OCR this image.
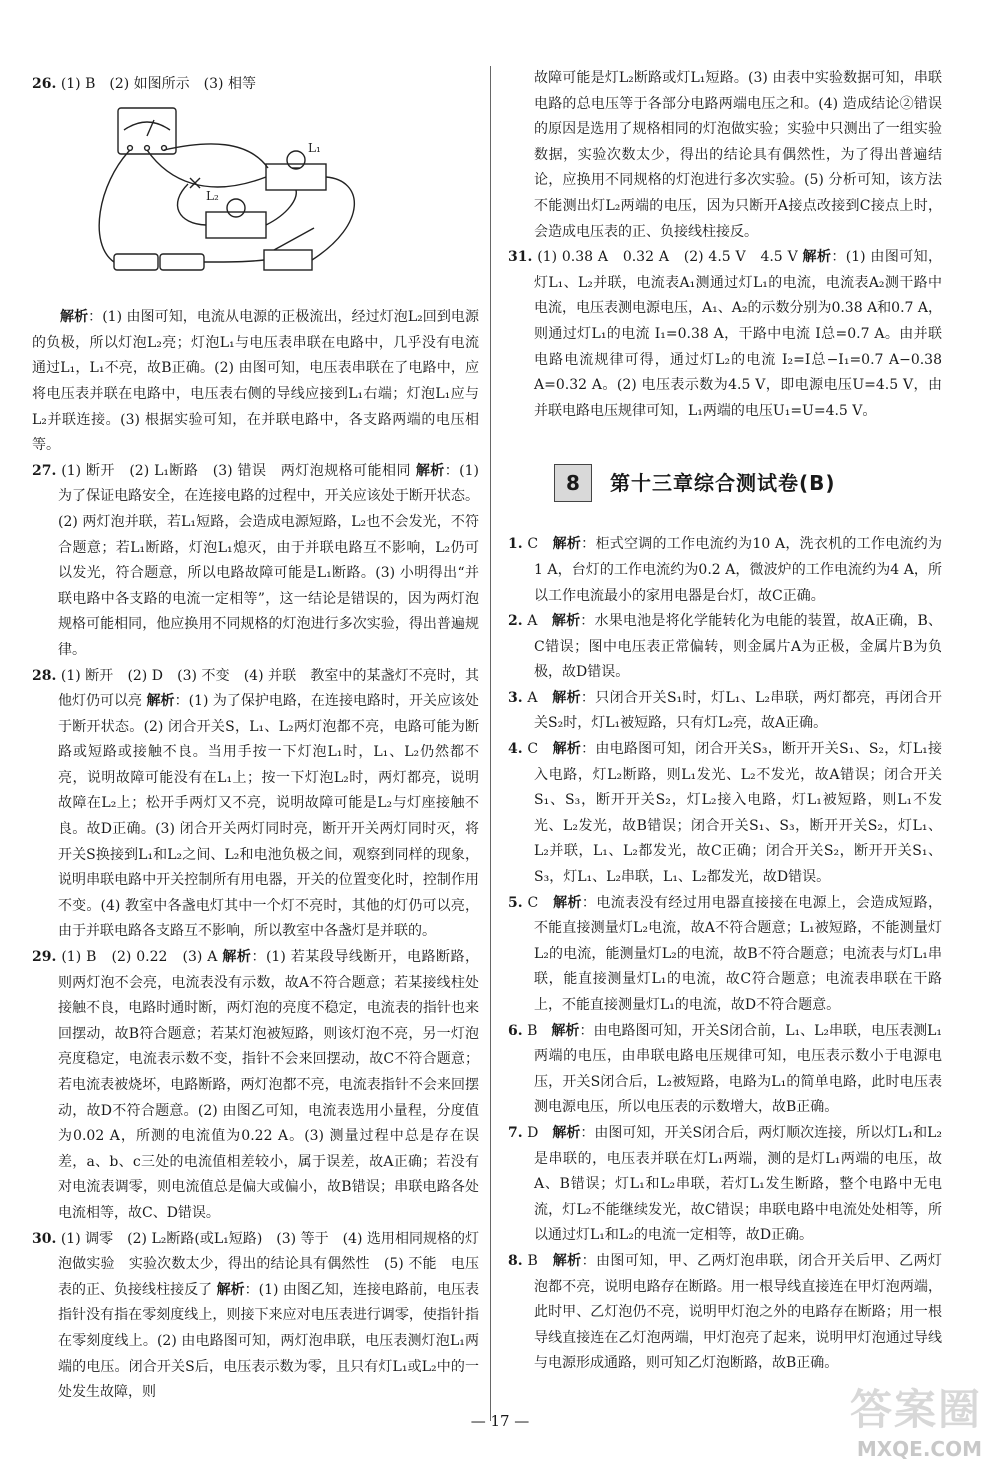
26. (1) B　(2) 如图所示　(3) 相等

L₁
L₂

解析：(1) 由图可知，电流从电源的正极流出，经过灯泡L₂回到电源的负极，所以灯泡L₂亮；灯泡L₁与电压表串联在电路中，几乎没有电流通过L₁，L₁不亮，故B正确。(2) 由图可知，电压表串联在了电路中，应将电压表并联在电路中，电压表右侧的导线应接到L₁右端；灯泡L₁应与L₂并联连接。(3) 根据实验可知，在并联电路中，各支路两端的电压相等。

27. (1) 断开　(2) L₁断路　(3) 错误　两灯泡规格可能相同 解析：(1) 为了保证电路安全，在连接电路的过程中，开关应该处于断开状态。(2) 两灯泡并联，若L₁短路，会造成电源短路，L₂也不会发光，不符合题意；若L₁断路，灯泡L₁熄灭，由于并联电路互不影响，L₂仍可以发光，符合题意，所以电路故障可能是L₁断路。(3) 小明得出“并联电路中各支路的电流一定相等”，这一结论是错误的，因为两灯泡规格可能相同，他应换用不同规格的灯泡进行多次实验，得出普遍规律。

28. (1) 断开　(2) D　(3) 不变　(4) 并联　教室中的某盏灯不亮时，其他灯仍可以亮 解析：(1) 为了保护电路，在连接电路时，开关应该处于断开状态。(2) 闭合开关S，L₁、L₂两灯泡都不亮，电路可能为断路或短路或接触不良。当用手按一下灯泡L₁时，L₁、L₂仍然都不亮，说明故障可能没有在L₁上；按一下灯泡L₂时，两灯都亮，说明故障在L₂上；松开手两灯又不亮，说明故障可能是L₂与灯座接触不良。故D正确。(3) 闭合开关两灯同时亮，断开开关两灯同时灭，将开关S换接到L₁和L₂之间、L₂和电池负极之间，观察到同样的现象，说明串联电路中开关控制所有用电器，开关的位置变化时，控制作用不变。(4) 教室中各盏电灯其中一个灯不亮时，其他的灯仍可以亮，由于并联电路各支路互不影响，所以教室中各盏灯是并联的。

29. (1) B　(2) 0.22　(3) A 解析：(1) 若某段导线断开，电路断路，则两灯泡不会亮，电流表没有示数，故A不符合题意；若某接线柱处接触不良，电路时通时断，两灯泡的亮度不稳定，电流表的指针也来回摆动，故B符合题意；若某灯泡被短路，则该灯泡不亮，另一灯泡亮度稳定，电流表示数不变，指针不会来回摆动，故C不符合题意；若电流表被烧坏，电路断路，两灯泡都不亮，电流表指针不会来回摆动，故D不符合题意。(2) 由图乙可知，电流表选用小量程，分度值为0.02 A，所测的电流值为0.22 A。(3) 测量过程中总是存在误差，a、b、c三处的电流值相差较小，属于误差，故A正确；若没有对电流表调零，则电流值总是偏大或偏小，故B错误；串联电路各处电流相等，故C、D错误。

30. (1) 调零　(2) L₂断路(或L₁短路)　(3) 等于　(4) 选用相同规格的灯泡做实验　实验次数太少，得出的结论具有偶然性　(5) 不能　电压表的正、负接线柱接反了 解析：(1) 由图乙知，连接电路前，电压表指针没有指在零刻度线上，则接下来应对电压表进行调零，使指针指在零刻度线上。(2) 由电路图可知，两灯泡串联，电压表测灯泡L₁两端的电压。闭合开关S后，电压表示数为零，且只有灯L₁或L₂中的一处发生故障，则

故障可能是灯L₂断路或灯L₁短路。(3) 由表中实验数据可知，串联电路的总电压等于各部分电路两端电压之和。(4) 造成结论②错误的原因是选用了规格相同的灯泡做实验；实验中只测出了一组实验数据，实验次数太少，得出的结论具有偶然性，为了得出普遍结论，应换用不同规格的灯泡进行多次实验。(5) 分析可知，该方法不能测出灯L₂两端的电压，因为只断开A接点改接到C接点上时，会造成电压表的正、负接线柱接反。

31. (1) 0.38 A　0.32 A　(2) 4.5 V　4.5 V 解析：(1) 由图可知，灯L₁、L₂并联，电流表A₁测通过灯L₁的电流，电流表A₂测干路中电流，电压表测电源电压，A₁、A₂的示数分别为0.38 A和0.7 A，则通过灯L₁的电流 I₁=0.38 A，干路中电流 I总=0.7 A。由并联电路电流规律可得，通过灯L₂的电流 I₂=I总−I₁=0.7 A−0.38 A=0.32 A。(2) 电压表示数为4.5 V，即电源电压U=4.5 V，由并联电路电压规律可知，L₁两端的电压U₁=U=4.5 V。

8	第十三章综合测试卷(B)

1. C　 解析：柜式空调的工作电流约为10 A，洗衣机的工作电流约为1 A，台灯的工作电流约为0.2 A，微波炉的工作电流约为4 A，所以工作电流最小的家用电器是台灯，故C正确。

2. A　 解析：水果电池是将化学能转化为电能的装置，故A正确，B、C错误；图中电压表正常偏转，则金属片A为正极，金属片B为负极，故D错误。

3. A　 解析：只闭合开关S₁时，灯L₁、L₂串联，两灯都亮，再闭合开关S₂时，灯L₁被短路，只有灯L₂亮，故A正确。

4. C　 解析：由电路图可知，闭合开关S₃，断开开关S₁、S₂，灯L₁接入电路，灯L₂断路，则L₁发光、L₂不发光，故A错误；闭合开关S₁、S₃，断开开关S₂，灯L₂接入电路，灯L₁被短路，则L₁不发光、L₂发光，故B错误；闭合开关S₁、S₃，断开开关S₂，灯L₁、L₂并联，L₁、L₂都发光，故C正确；闭合开关S₂，断开开关S₁、S₃，灯L₁、L₂串联，L₁、L₂都发光，故D错误。

5. C　 解析：电流表没有经过用电器直接接在电源上，会造成短路，不能直接测量灯L₂电流，故A不符合题意；L₁被短路，不能测量灯L₂的电流，能测量灯L₂的电流，故B不符合题意；电流表与灯L₁串联，能直接测量灯L₁的电流，故C符合题意；电流表串联在干路上，不能直接测量灯L₁的电流，故D不符合题意。

6. B　 解析：由电路图可知，开关S闭合前，L₁、L₂串联，电压表测L₁两端的电压，由串联电路电压规律可知，电压表示数小于电源电压，开关S闭合后，L₂被短路，电路为L₁的简单电路，此时电压表测电源电压，所以电压表的示数增大，故B正确。

7. D　 解析：由图可知，开关S闭合后，两灯顺次连接，所以灯L₁和L₂是串联的，电压表并联在灯L₁两端，测的是灯L₁两端的电压，故A、B错误；灯L₁和L₂串联，若灯L₁发生断路，整个电路中无电流，灯L₂不能继续发光，故C错误；串联电路中电流处处相等，所以通过灯L₁和L₂的电流一定相等，故D正确。

8. B　 解析：由图可知，甲、乙两灯泡串联，闭合开关后甲、乙两灯泡都不亮，说明电路存在断路。用一根导线直接连在甲灯泡两端，此时甲、乙灯泡仍不亮，说明甲灯泡之外的电路存在断路；用一根导线直接连在乙灯泡两端，甲灯泡亮了起来，说明甲灯泡通过导线与电源形成通路，则可知乙灯泡断路，故B正确。

— 17 —	答案圈
MXQE.COM
